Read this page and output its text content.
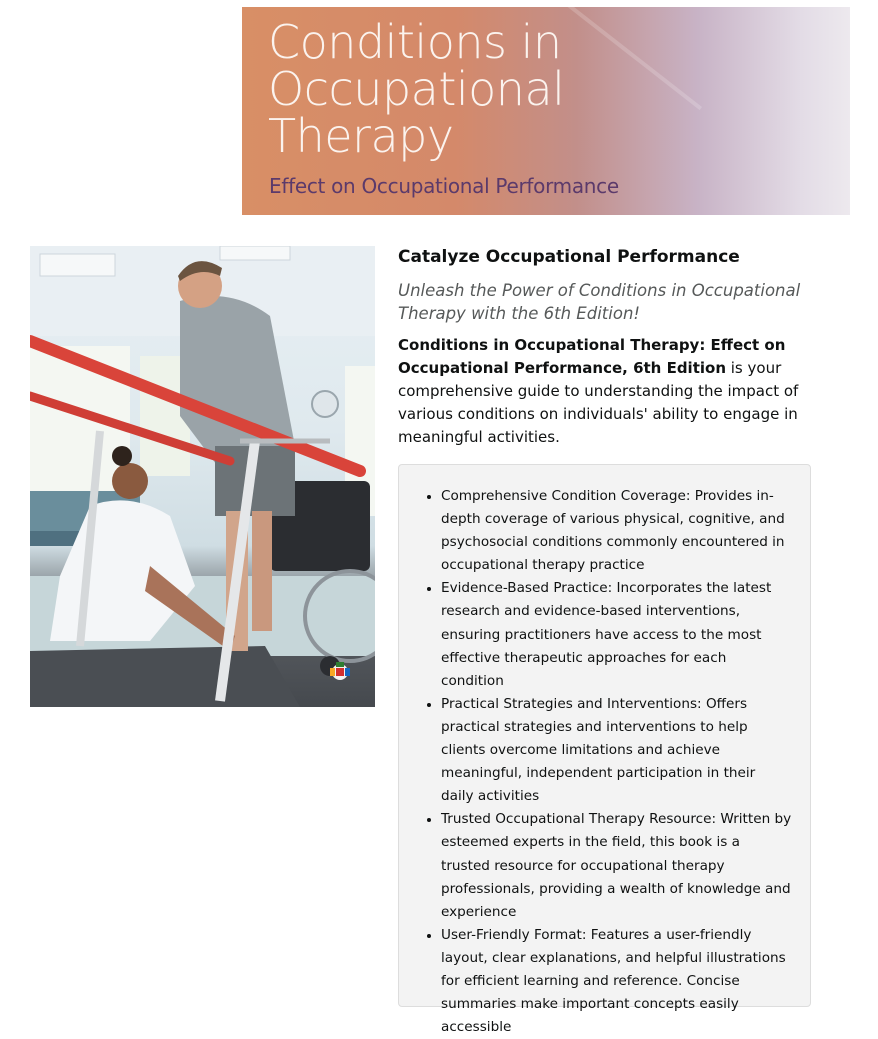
Conditions in
Occupational
Therapy
Effect on Occupational Performance
Catalyze Occupational Performance

Unleash the Power of Conditions in Occupational Therapy with the 6th Edition!

Conditions in Occupational Therapy: Effect on Occupational Performance, 6th Edition is your comprehensive guide to understanding the impact of various conditions on individuals' ability to engage in meaningful activities.

• Comprehensive Condition Coverage: Provides in-depth coverage of various physical, cognitive, and psychosocial conditions commonly encountered in occupational therapy practice
• Evidence-Based Practice: Incorporates the latest research and evidence-based interventions, ensuring practitioners have access to the most effective therapeutic approaches for each condition
• Practical Strategies and Interventions: Offers practical strategies and interventions to help clients overcome limitations and achieve meaningful, independent participation in their daily activities
• Trusted Occupational Therapy Resource: Written by esteemed experts in the field, this book is a trusted resource for occupational therapy professionals, providing a wealth of knowledge and experience
• User-Friendly Format: Features a user-friendly layout, clear explanations, and helpful illustrations for efficient learning and reference. Concise summaries make important concepts easily accessible
